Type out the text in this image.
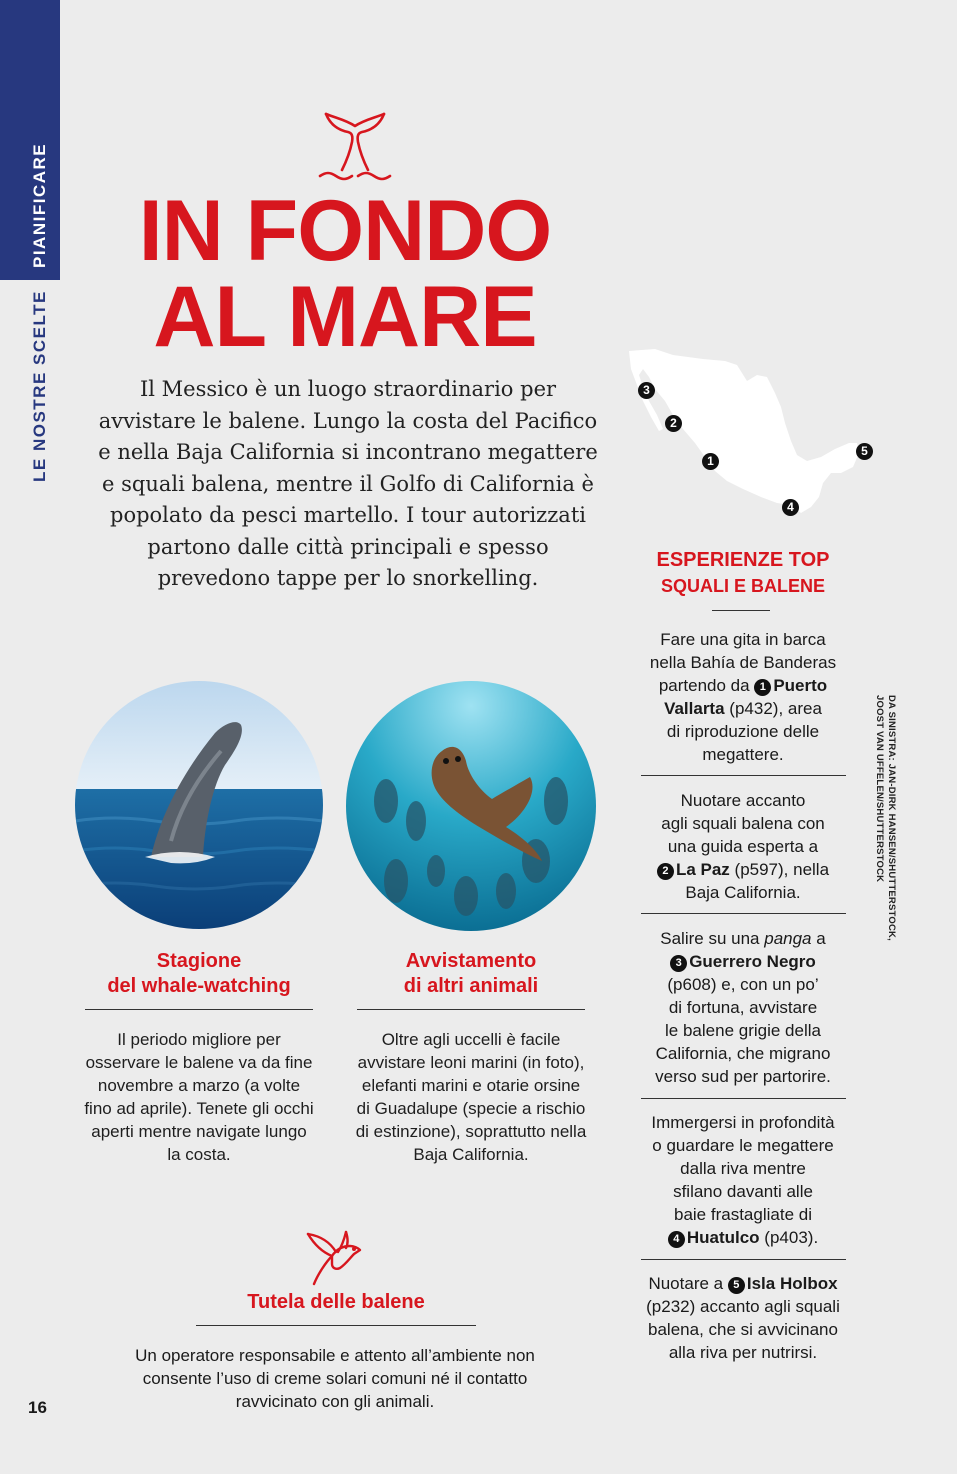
PIANIFICARE
LE NOSTRE SCELTE
IN FONDO
AL MARE
Il Messico è un luogo straordinario per
avvistare le balene. Lungo la costa del Pacifico
e nella Baja California si incontrano megattere
e squali balena, mentre il Golfo di California è
popolato da pesci martello. I tour autorizzati
partono dalle città principali e spesso
prevedono tappe per lo snorkelling.
Stagione
del whale-watching
Il periodo migliore per
osservare le balene va da fine
novembre a marzo (a volte
fino ad aprile). Tenete gli occhi
aperti mentre navigate lungo
la costa.
Avvistamento
di altri animali
Oltre agli uccelli è facile
avvistare leoni marini (in foto),
elefanti marini e otarie orsine
di Guadalupe (specie a rischio
di estinzione), soprattutto nella
Baja California.
Tutela delle balene
Un operatore responsabile e attento all’ambiente non
consente l’uso di creme solari comuni né il contatto
ravvicinato con gli animali.
16
3
2
1
5
4
ESPERIENZE TOP
SQUALI E BALENE
Fare una gita in barca
nella Bahía de Banderas
partendo da 1 Puerto
Vallarta (p432), area
di riproduzione delle
megattere.
Nuotare accanto
agli squali balena con
una guida esperta a
2 La Paz (p597), nella
Baja California.
Salire su una panga a
3 Guerrero Negro
(p608) e, con un po’
di fortuna, avvistare
le balene grigie della
California, che migrano
verso sud per partorire.
Immergersi in profondità
o guardare le megattere
dalla riva mentre
sfilano davanti alle
baie frastagliate di
4 Huatulco (p403).
Nuotare a 5 Isla Holbox
(p232) accanto agli squali
balena, che si avvicinano
alla riva per nutrirsi.
DA SINISTRA: JAN-DIRK HANSEN/SHUTTERSTOCK,
JOOST VAN UFFELEN/SHUTTERSTOCK
